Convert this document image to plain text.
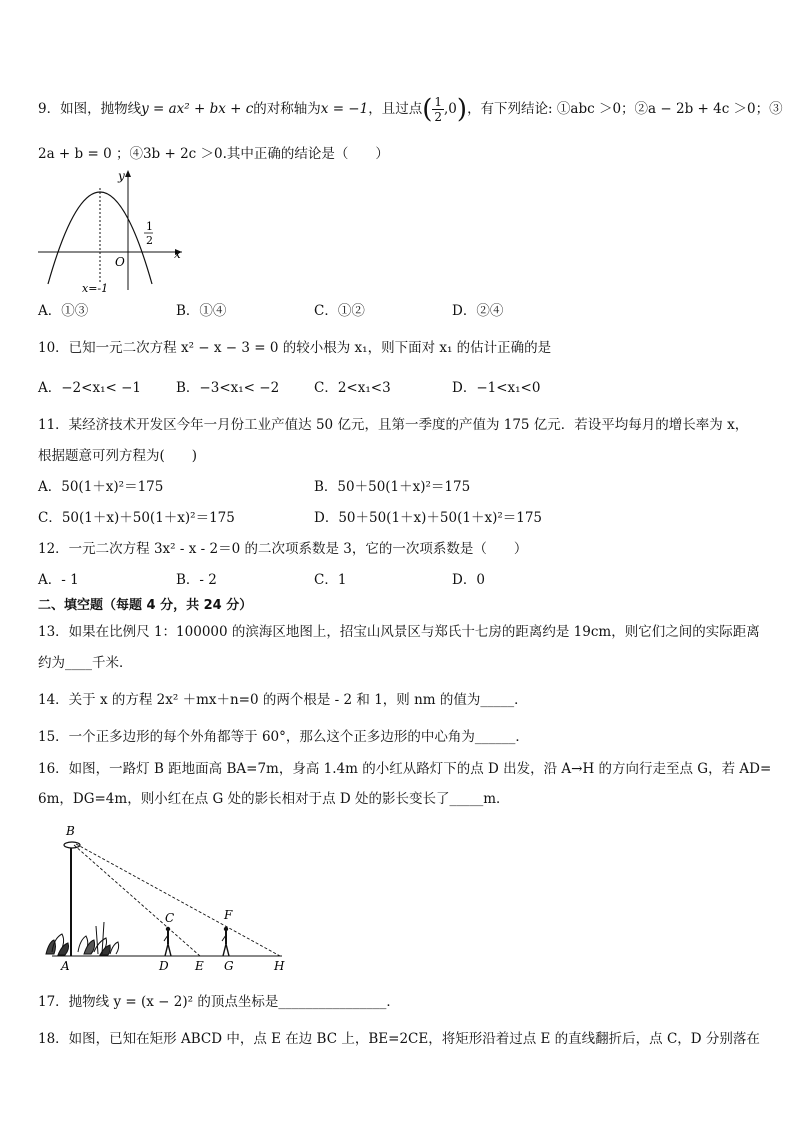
9．如图，抛物线y = ax² + bx + c的对称轴为x = −1，且过点( $\frac{1}{2} ,0$)，有下列结论: ①abc ＞0；②a − 2b + 4c ＞0；③
2a + b = 0 ；④3b + 2c ＞0.其中正确的结论是（　　）
y
x
O
1
2
x=-1
A．①③	B．①④	C．①②	D．②④
10．已知一元二次方程 x² − x − 3 = 0 的较小根为 x₁，则下面对 x₁ 的估计正确的是
A．−2<x₁< −1	B．−3<x₁< −2	C．2<x₁<3	D．−1<x₁<0
11．某经济技术开发区今年一月份工业产值达 50 亿元，且第一季度的产值为 175 亿元．若设平均每月的增长率为 x，
根据题意可列方程为(　　)
A．50(1＋x)²＝175	B．50＋50(1＋x)²＝175
C．50(1＋x)＋50(1＋x)²＝175	D．50＋50(1＋x)＋50(1＋x)²＝175
12．一元二次方程 3x² - x - 2＝0 的二次项系数是 3，它的一次项系数是（　　）
A．- 1	B．- 2	C．1	D．0
二、填空题（每题 4 分，共 24 分）
13．如果在比例尺 1：100000 的滨海区地图上，招宝山风景区与郑氏十七房的距离约是 19cm，则它们之间的实际距离
约为____千米．
14．关于 x 的方程 2x² ＋mx＋n=0 的两个根是 - 2 和 1，则 nm 的值为_____．
15．一个正多边形的每个外角都等于 60°，那么这个正多边形的中心角为______．
16．如图，一路灯 B 距地面高 BA=7m，身高 1.4m 的小红从路灯下的点 D 出发，沿 A→H 的方向行走至点 G，若 AD=
6m，DG=4m，则小红在点 G 处的影长相对于点 D 处的影长变长了_____m．
B
C	F
A	D E G	H
17．抛物线 y = (x − 2)² 的顶点坐标是________________．
18．如图，已知在矩形 ABCD 中，点 E 在边 BC 上，BE=2CE，将矩形沿着过点 E 的直线翻折后，点 C，D 分别落在
